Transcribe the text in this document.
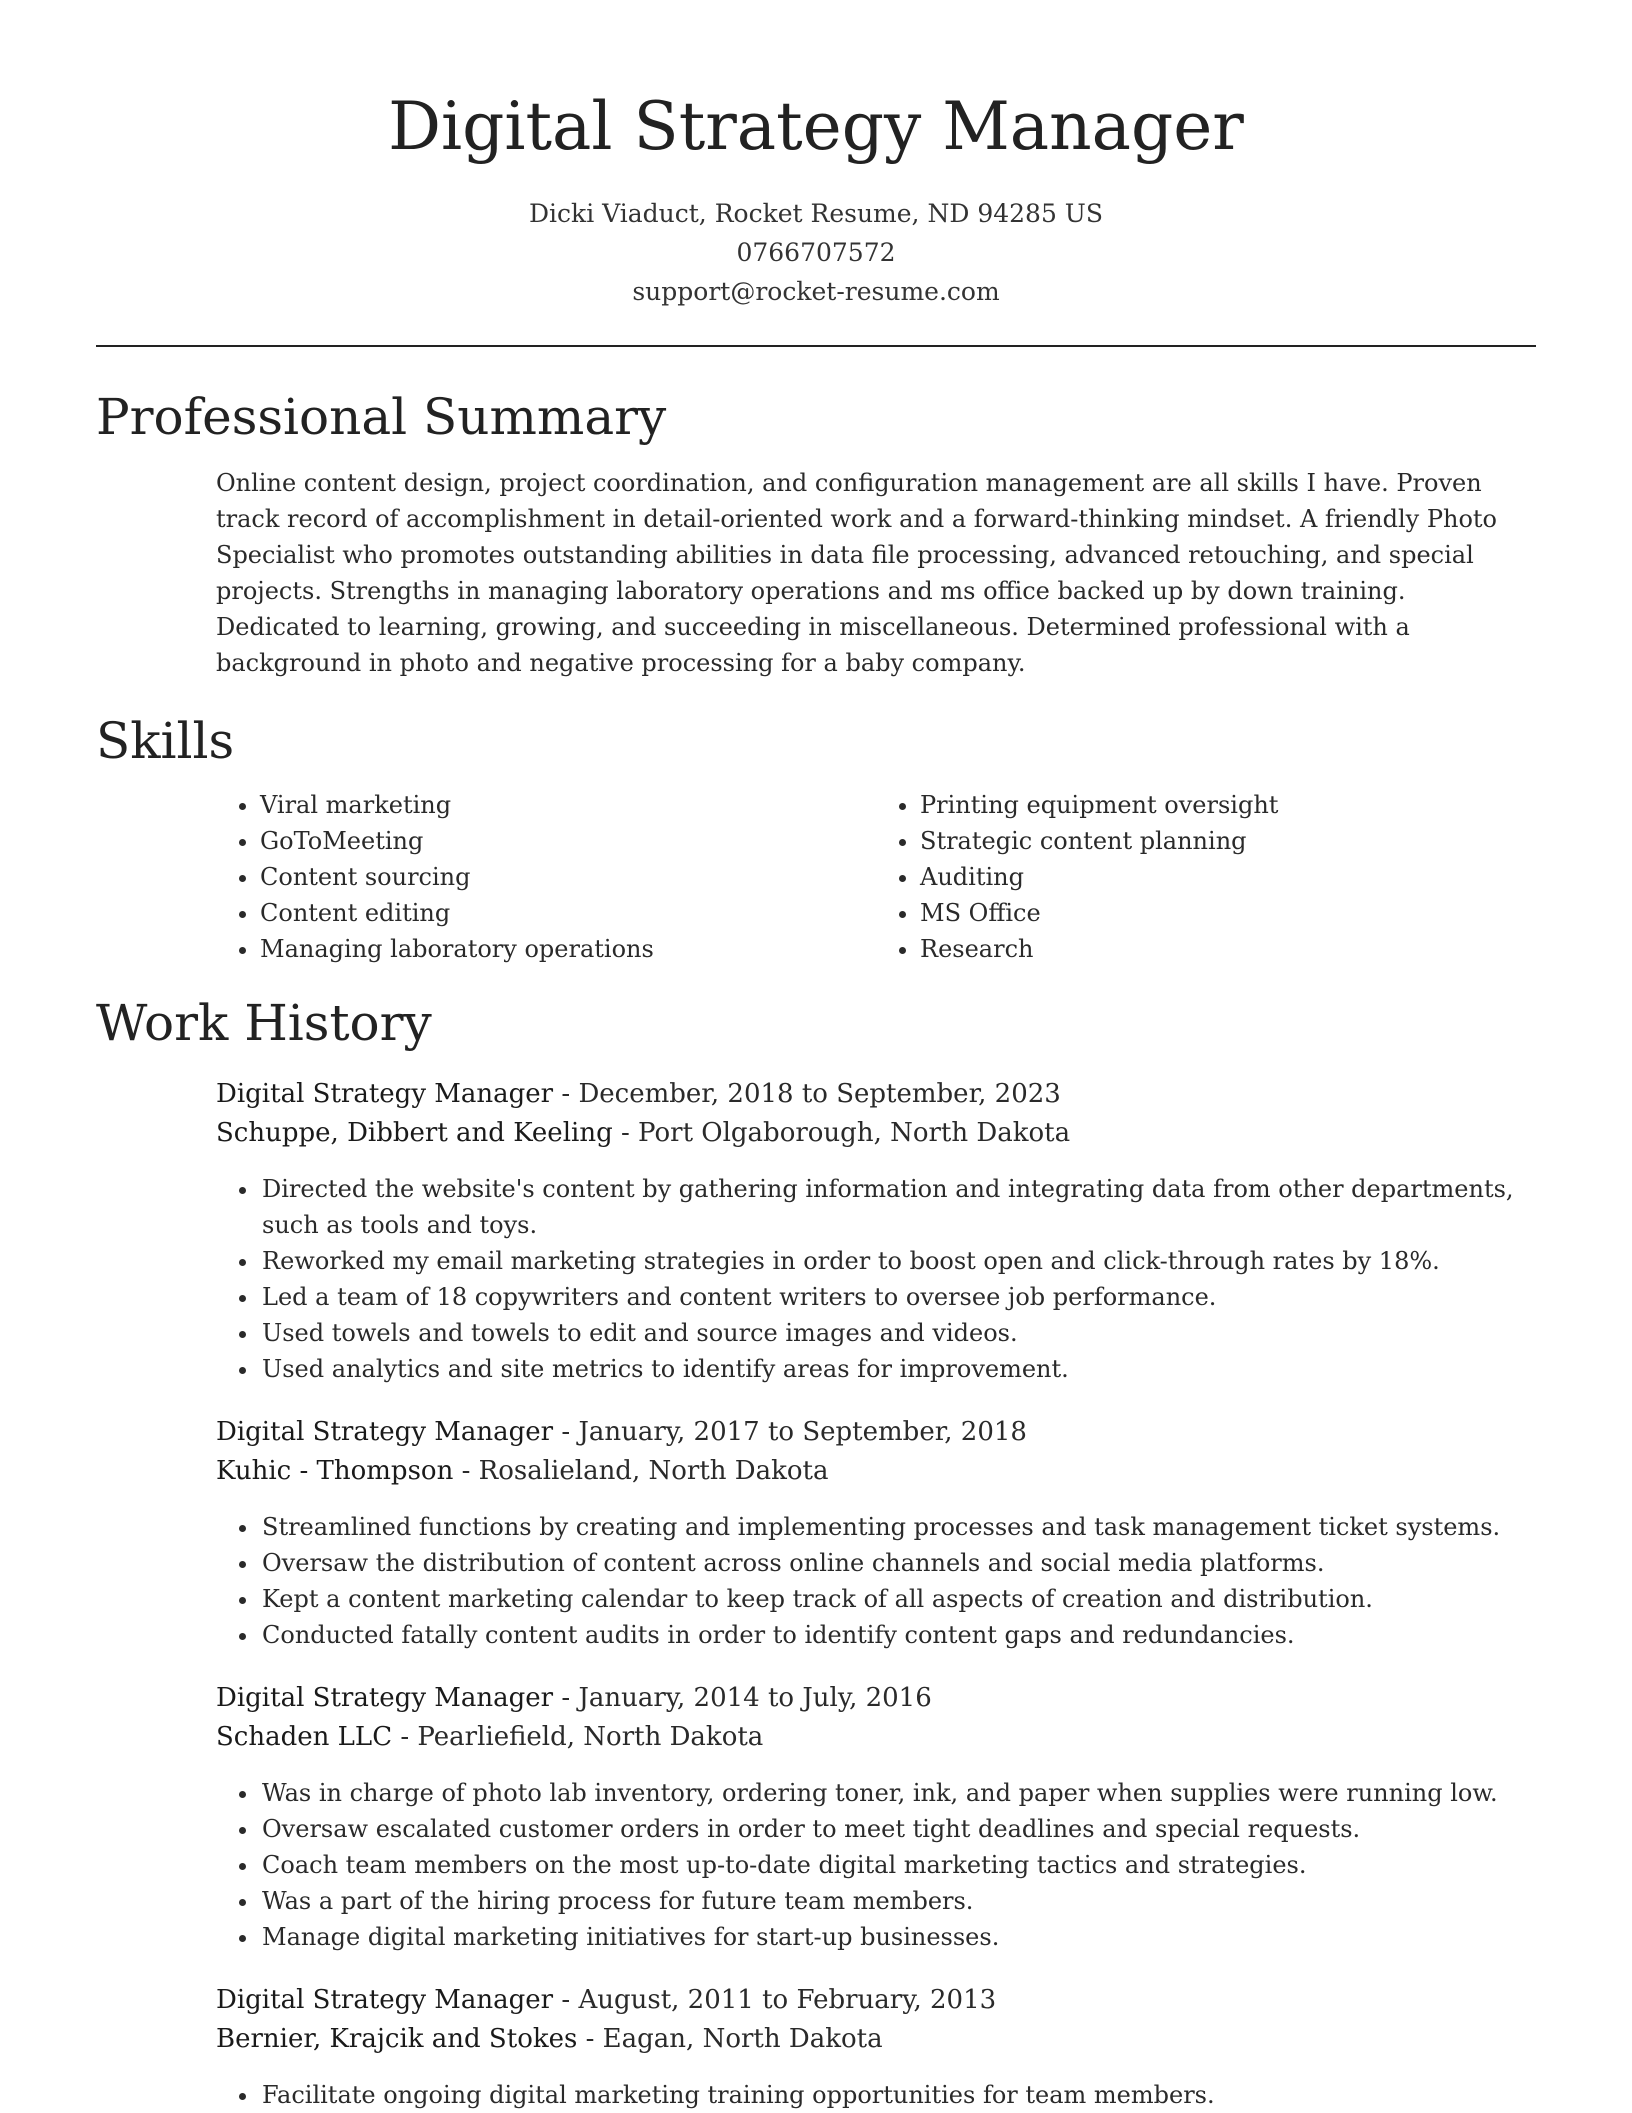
Digital Strategy Manager
Dicki Viaduct, Rocket Resume, ND 94285 US
0766707572
support@rocket-resume.com
Professional Summary
Online content design, project coordination, and configuration management are all skills I have. Proven track record of accomplishment in detail-oriented work and a forward-thinking mindset. A friendly Photo Specialist who promotes outstanding abilities in data file processing, advanced retouching, and special projects. Strengths in managing laboratory operations and ms office backed up by down training. Dedicated to learning, growing, and succeeding in miscellaneous. Determined professional with a background in photo and negative processing for a baby company.
Skills
• Viral marketing
• GoToMeeting
• Content sourcing
• Content editing
• Managing laboratory operations
• Printing equipment oversight
• Strategic content planning
• Auditing
• MS Office
• Research
Work History
Digital Strategy Manager - December, 2018 to September, 2023
Schuppe, Dibbert and Keeling - Port Olgaborough, North Dakota
• Directed the website's content by gathering information and integrating data from other departments, such as tools and toys.
• Reworked my email marketing strategies in order to boost open and click-through rates by 18%.
• Led a team of 18 copywriters and content writers to oversee job performance.
• Used towels and towels to edit and source images and videos.
• Used analytics and site metrics to identify areas for improvement.
Digital Strategy Manager - January, 2017 to September, 2018
Kuhic - Thompson - Rosalieland, North Dakota
• Streamlined functions by creating and implementing processes and task management ticket systems.
• Oversaw the distribution of content across online channels and social media platforms.
• Kept a content marketing calendar to keep track of all aspects of creation and distribution.
• Conducted fatally content audits in order to identify content gaps and redundancies.
Digital Strategy Manager - January, 2014 to July, 2016
Schaden LLC - Pearliefield, North Dakota
• Was in charge of photo lab inventory, ordering toner, ink, and paper when supplies were running low.
• Oversaw escalated customer orders in order to meet tight deadlines and special requests.
• Coach team members on the most up-to-date digital marketing tactics and strategies.
• Was a part of the hiring process for future team members.
• Manage digital marketing initiatives for start-up businesses.
Digital Strategy Manager - August, 2011 to February, 2013
Bernier, Krajcik and Stokes - Eagan, North Dakota
• Facilitate ongoing digital marketing training opportunities for team members.
